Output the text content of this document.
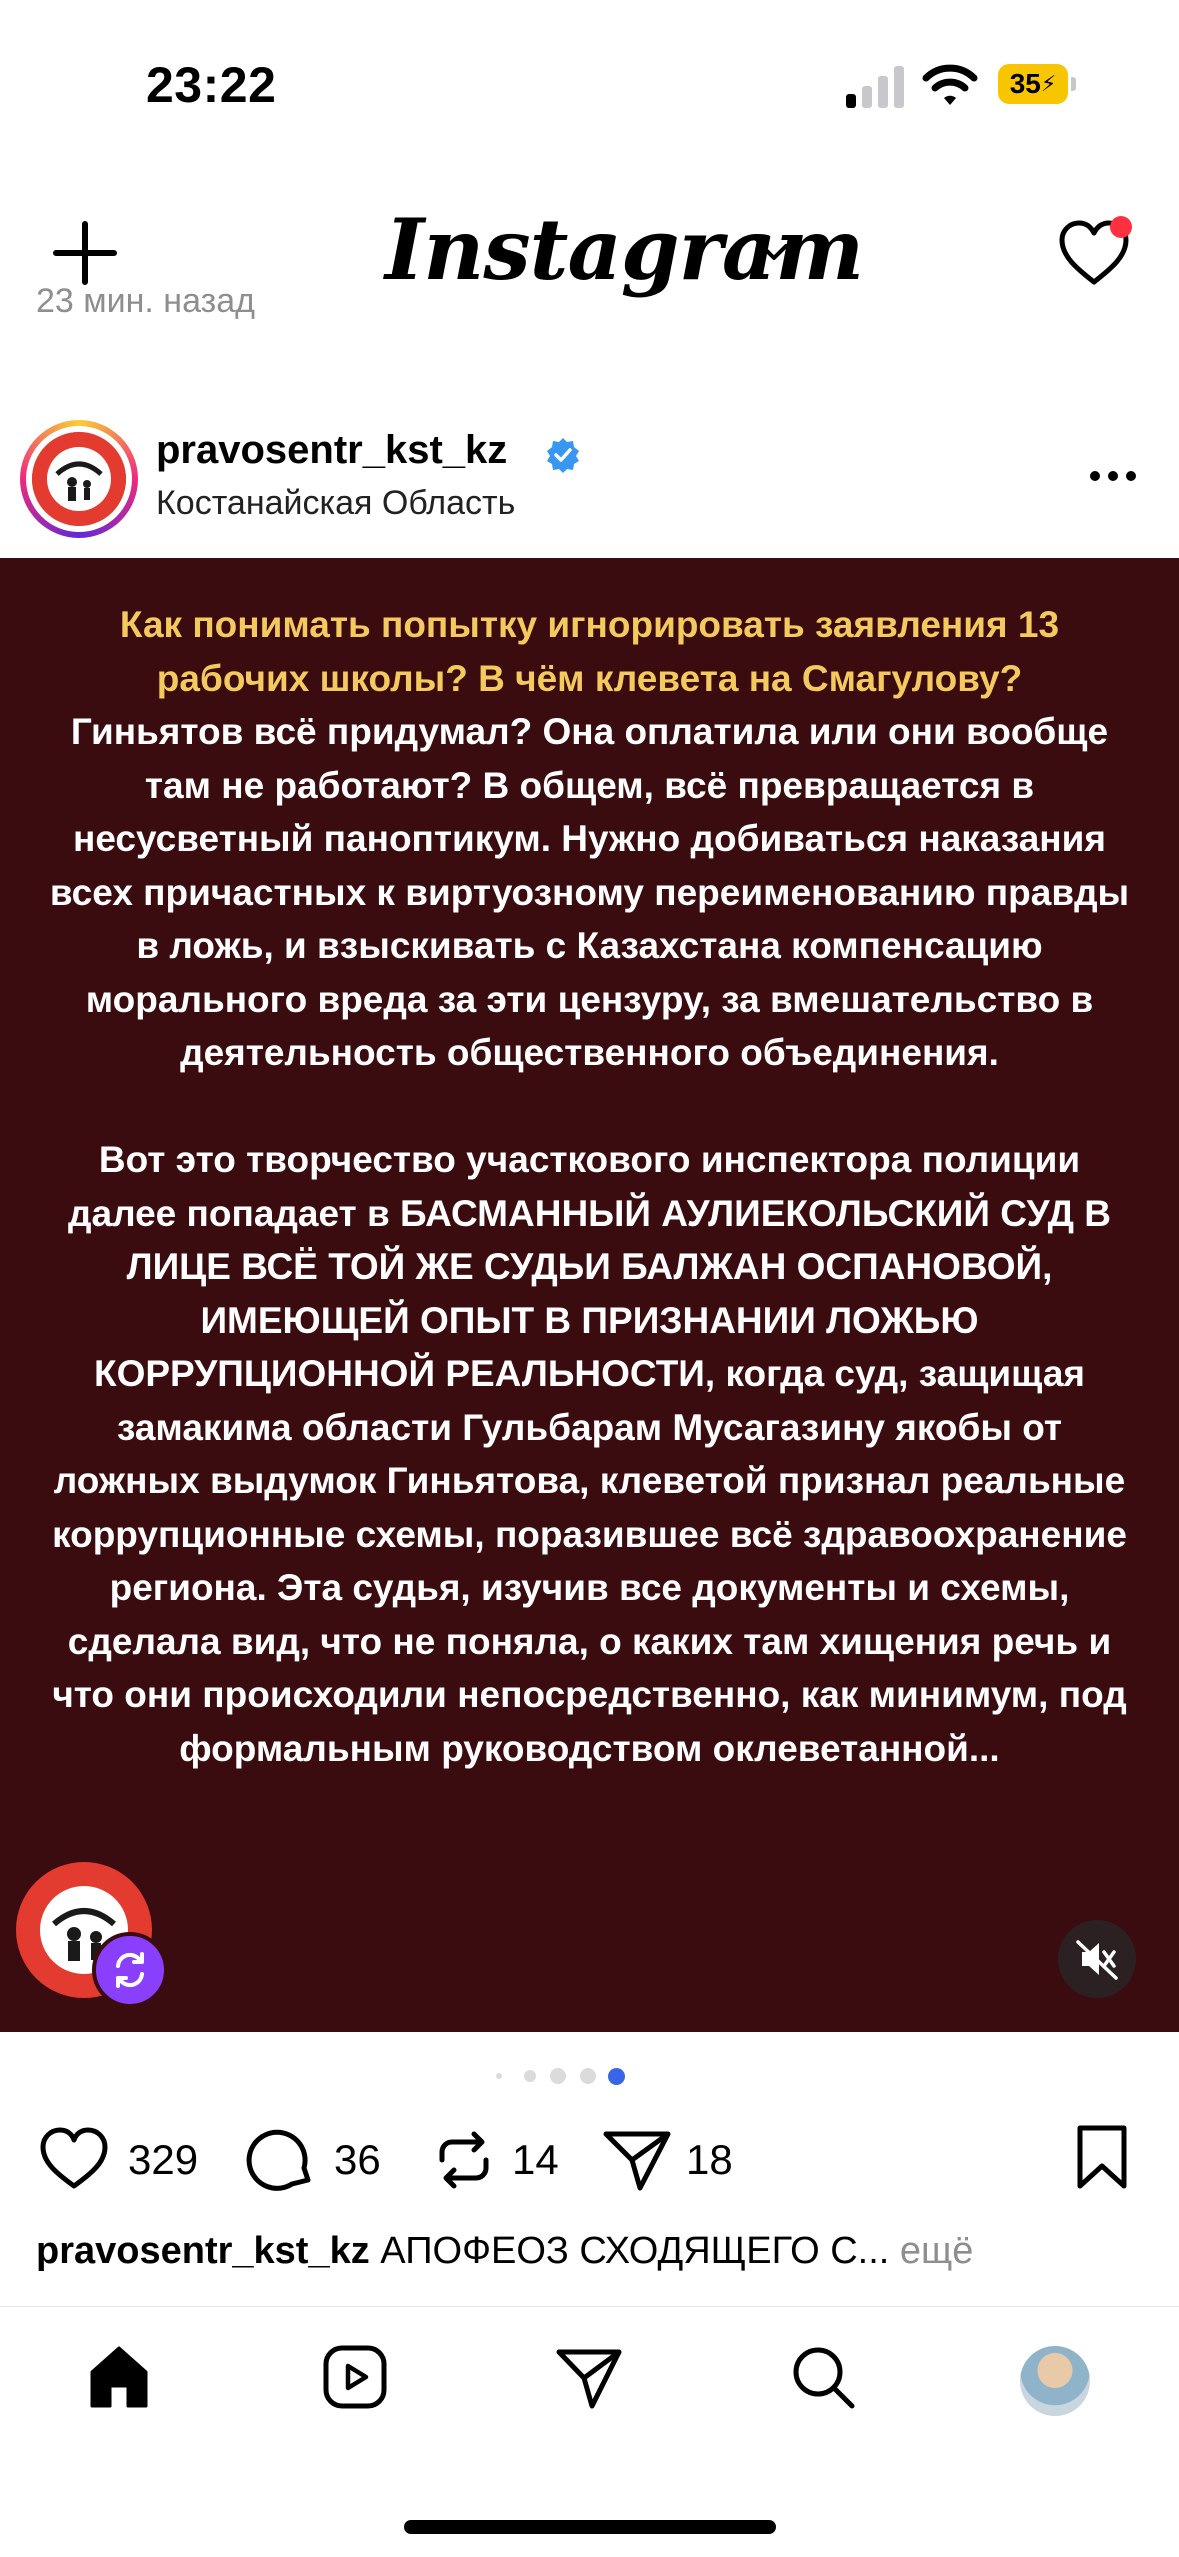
23:22	35 ⚡
Instagram
23 мин. назад
pravosentr_kst_kz
Костанайская Область
Как понимать попытку игнорировать заявления 13 рабочих школы? В чём клевета на Смагулову?
Гиньятов всё придумал? Она оплатила или они вообще там не работают? В общем, всё превращается в несусветный паноптикум. Нужно добиваться наказания всех причастных к виртуозному переименованию правды в ложь, и взыскивать с Казахстана компенсацию морального вреда за эти цензуру, за вмешательство в деятельность общественного объединения.

Вот это творчество участкового инспектора полиции далее попадает в БАСМАННЫЙ АУЛИЕКОЛЬСКИЙ СУД В ЛИЦЕ ВСЁ ТОЙ ЖЕ СУДЬИ БАЛЖАН ОСПАНОВОЙ, ИМЕЮЩЕЙ ОПЫТ В ПРИЗНАНИИ ЛОЖЬЮ КОРРУПЦИОННОЙ РЕАЛЬНОСТИ, когда суд, защищая замакима области Гульбарам Мусагазину якобы от ложных выдумок Гиньятова, клеветой признал реальные коррупционные схемы, поразившее всё здравоохранение региона. Эта судья, изучив все документы и схемы, сделала вид, что не поняла, о каких там хищения речь и что они происходили непосредственно, как минимум, под формальным руководством оклеветанной...
329	36	14	18
pravosentr_kst_kz АПОФЕОЗ СХОДЯЩЕГО С... ещё
